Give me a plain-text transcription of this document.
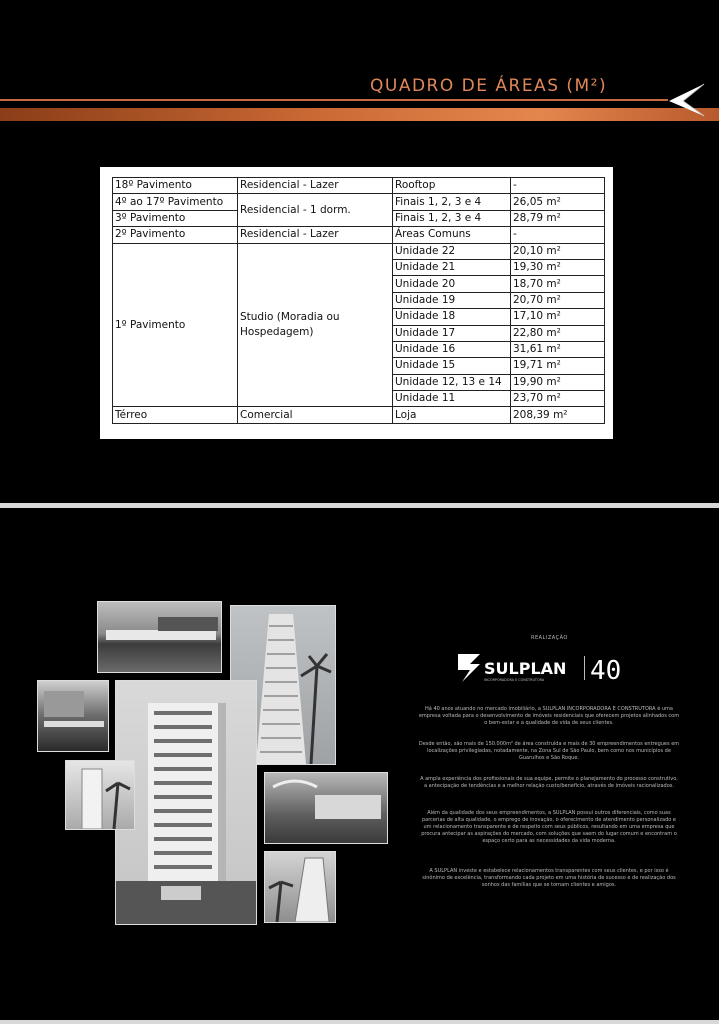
QUADRO DE ÁREAS (M²)
18º Pavimento	Residencial - Lazer	Rooftop	-
4º ao 17º Pavimento	Residencial - 1 dorm.	Finais 1, 2, 3 e 4	26,05 m²
3º Pavimento		Finais 1, 2, 3 e 4	28,79 m²
2º Pavimento	Residencial - Lazer	Áreas Comuns	-
1º Pavimento	Studio (Moradia ou Hospedagem)	Unidade 22	20,10 m²
		Unidade 21	19,30 m²
		Unidade 20	18,70 m²
		Unidade 19	20,70 m²
		Unidade 18	17,10 m²
		Unidade 17	22,80 m²
		Unidade 16	31,61 m²
		Unidade 15	19,71 m²
		Unidade 12, 13 e 14	19,90 m²
		Unidade 11	23,70 m²
Térreo	Comercial	Loja	208,39 m²
REALIZAÇÃO
SULPLAN
INCORPORADORA E CONSTRUTORA 40

Há 40 anos atuando no mercado imobiliário, a SULPLAN INCORPORADORA E CONSTRUTORA é uma empresa voltada para o desenvolvimento de imóveis residenciais que oferecem projetos alinhados com o bem-estar e a qualidade de vida de seus clientes.

Desde então, são mais de 150.000m² de área construída e mais de 30 empreendimentos entregues em localizações privilegiadas, notadamente, na Zona Sul de São Paulo, bem como nos municípios de Guarulhos e São Roque.

A ampla experiência dos profissionais de sua equipe, permite o planejamento do processo construtivo, a antecipação de tendências e a melhor relação custo/benefício, através de imóveis racionalizados.

Além da qualidade dos seus empreendimentos, a SULPLAN possui outros diferenciais, como suas parcerias de alta qualidade, o emprego de inovação, o oferecimento de atendimento personalizado e um relacionamento transparente e de respeito com seus públicos, resultando em uma empresa que procura antecipar as aspirações do mercado, com soluções que saem do lugar comum e encontram o espaço certo para as necessidades da vida moderna.

A SULPLAN investe e estabelece relacionamentos transparentes com seus clientes, e por isso é sinônimo de excelência, transformando cada projeto em uma história de sucesso e de realização dos sonhos das famílias que se tornam clientes e amigos.
